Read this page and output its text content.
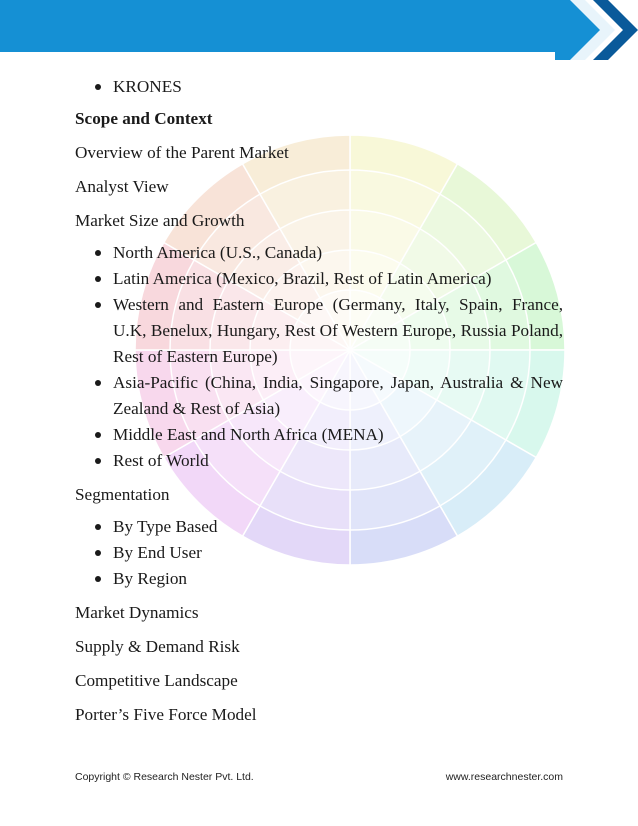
KRONES

Scope and Context

Overview of the Parent Market

Analyst View

Market Size and Growth

North America (U.S., Canada)
Latin America (Mexico, Brazil, Rest of Latin America)
Western and Eastern Europe (Germany, Italy, Spain, France, U.K, Benelux, Hungary, Rest Of Western Europe, Russia Poland, Rest of Eastern Europe)
Asia-Pacific (China, India, Singapore, Japan, Australia & New Zealand & Rest of Asia)
Middle East and North Africa (MENA)
Rest of World

Segmentation

By Type Based
By End User
By Region

Market Dynamics

Supply & Demand Risk

Competitive Landscape

Porter’s Five Force Model

Copyright © Research Nester Pvt. Ltd.	www.researchnester.com
